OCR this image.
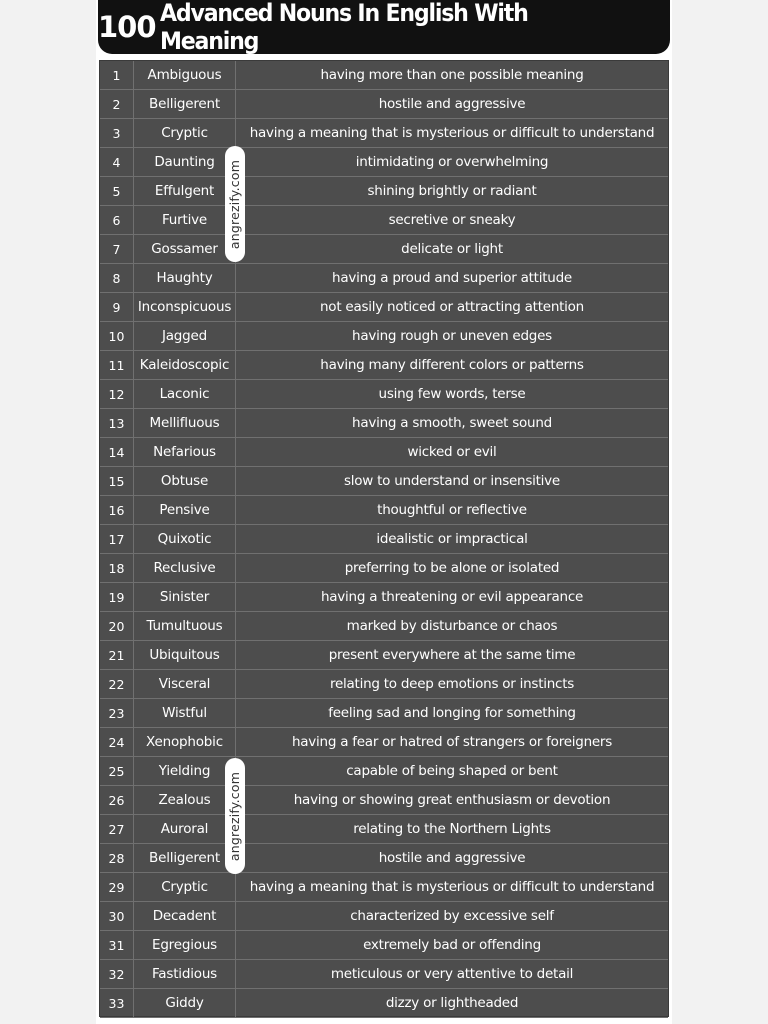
100 Advanced Nouns In English With Meaning
1	Ambiguous	having more than one possible meaning
2	Belligerent	hostile and aggressive
3	Cryptic	having a meaning that is mysterious or difficult to understand
4	Daunting	intimidating or overwhelming
5	Effulgent	shining brightly or radiant
6	Furtive	secretive or sneaky
7	Gossamer	delicate or light
8	Haughty	having a proud and superior attitude
9	Inconspicuous	not easily noticed or attracting attention
10	Jagged	having rough or uneven edges
11	Kaleidoscopic	having many different colors or patterns
12	Laconic	using few words, terse
13	Mellifluous	having a smooth, sweet sound
14	Nefarious	wicked or evil
15	Obtuse	slow to understand or insensitive
16	Pensive	thoughtful or reflective
17	Quixotic	idealistic or impractical
18	Reclusive	preferring to be alone or isolated
19	Sinister	having a threatening or evil appearance
20	Tumultuous	marked by disturbance or chaos
21	Ubiquitous	present everywhere at the same time
22	Visceral	relating to deep emotions or instincts
23	Wistful	feeling sad and longing for something
24	Xenophobic	having a fear or hatred of strangers or foreigners
25	Yielding	capable of being shaped or bent
26	Zealous	having or showing great enthusiasm or devotion
27	Auroral	relating to the Northern Lights
28	Belligerent	hostile and aggressive
29	Cryptic	having a meaning that is mysterious or difficult to understand
30	Decadent	characterized by excessive self
31	Egregious	extremely bad or offending
32	Fastidious	meticulous or very attentive to detail
33	Giddy	dizzy or lightheaded
angrezify.com
angrezify.com
